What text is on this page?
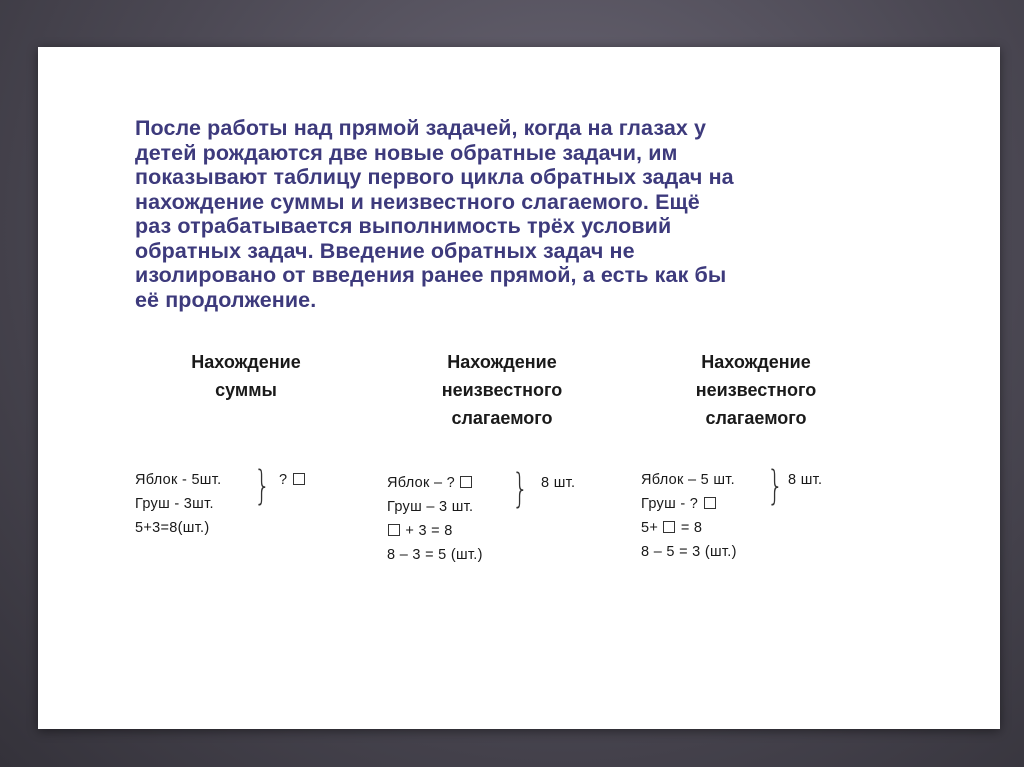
После работы над прямой задачей, когда на глазах у
детей рождаются две новые обратные задачи, им
показывают таблицу первого цикла обратных задач на
нахождение суммы и неизвестного слагаемого. Ещё
раз отрабатывается выполнимость трёх условий
обратных задач. Введение обратных задач не
изолировано от введения ранее прямой, а есть как бы
её продолжение.

Нахождение
суммы

Яблок - 5шт.
Груш - 3шт.
5+3=8(шт.)
} ?

Нахождение
неизвестного
слагаемого

Яблок – ?
Груш – 3 шт.
+ 3 = 8
8 – 3 = 5 (шт.)
} 8 шт.

Нахождение
неизвестного
слагаемого

Яблок – 5 шт.
Груш - ?
5+ = 8
8 – 5 = 3 (шт.)
} 8 шт.
